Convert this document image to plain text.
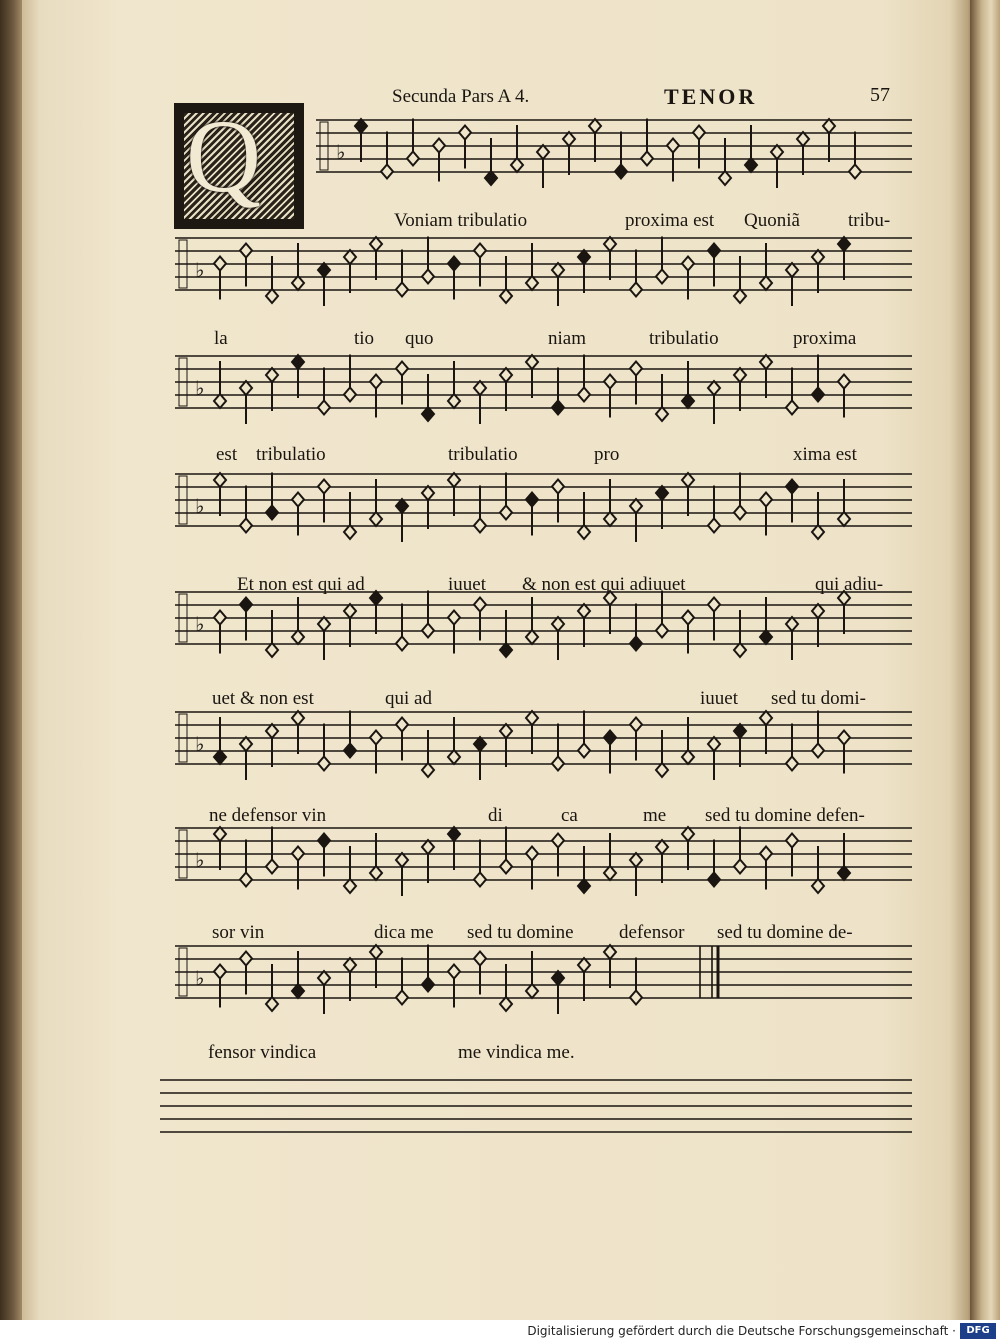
♭
♭
♭
♭
♭
♭
♭
♭
Secunda Pars A 4.	TENOR	57
Q
Voniam tribulatio	proxima est Quoniã	tribu-
la	tio quo	niam	tribulatio	proxima
est tribulatio	tribulatio	pro	xima est
Et non est qui ad	iuuet & non est qui adiuuet	qui adiu-
uet & non est	qui ad	iuuet sed tu domi-
ne defensor vin	di	ca	me sed tu domine defen-
sor vin	dica me sed tu domine defensor sed tu domine de-
fensor vindica	me vindica me.
Digitalisierung gefördert durch die Deutsche Forschungsgemeinschaft ·	DFG
